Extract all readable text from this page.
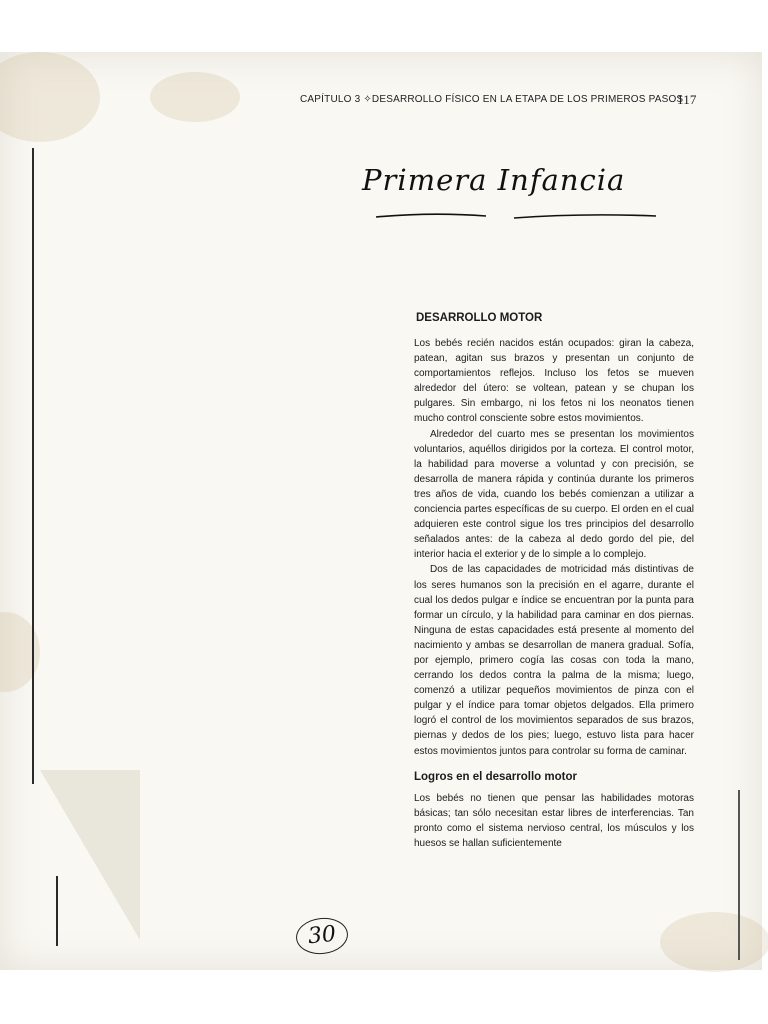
CAPÍTULO 3 ✧DESARROLLO FÍSICO EN LA ETAPA DE LOS PRIMEROS PASOS
117
Primera Infancia
DESARROLLO MOTOR

Los bebés recién nacidos están ocupados: giran la cabeza, patean, agitan sus brazos y presentan un conjunto de comportamientos reflejos. Incluso los fetos se mueven alrededor del útero: se voltean, patean y se chupan los pulgares. Sin embargo, ni los fetos ni los neonatos tienen mucho control consciente sobre estos movimientos.

Alrededor del cuarto mes se presentan los movimientos voluntarios, aquéllos dirigidos por la corteza. El control motor, la habilidad para moverse a voluntad y con precisión, se desarrolla de manera rápida y continúa durante los primeros tres años de vida, cuando los bebés comienzan a utilizar a conciencia partes específicas de su cuerpo. El orden en el cual adquieren este control sigue los tres principios del desarrollo señalados antes: de la cabeza al dedo gordo del pie, del interior hacia el exterior y de lo simple a lo complejo.

Dos de las capacidades de motricidad más distintivas de los seres humanos son la precisión en el agarre, durante el cual los dedos pulgar e índice se encuentran por la punta para formar un círculo, y la habilidad para caminar en dos piernas. Ninguna de estas capacidades está presente al momento del nacimiento y ambas se desarrollan de manera gradual. Sofía, por ejemplo, primero cogía las cosas con toda la mano, cerrando los dedos contra la palma de la misma; luego, comenzó a utilizar pequeños movimientos de pinza con el pulgar y el índice para tomar objetos delgados. Ella primero logró el control de los movimientos separados de sus brazos, piernas y dedos de los pies; luego, estuvo lista para hacer estos movimientos juntos para controlar su forma de caminar.

Logros en el desarrollo motor

Los bebés no tienen que pensar las habilidades motoras básicas; tan sólo necesitan estar libres de interferencias. Tan pronto como el sistema nervioso central, los músculos y los huesos se hallan suficientemente

30
